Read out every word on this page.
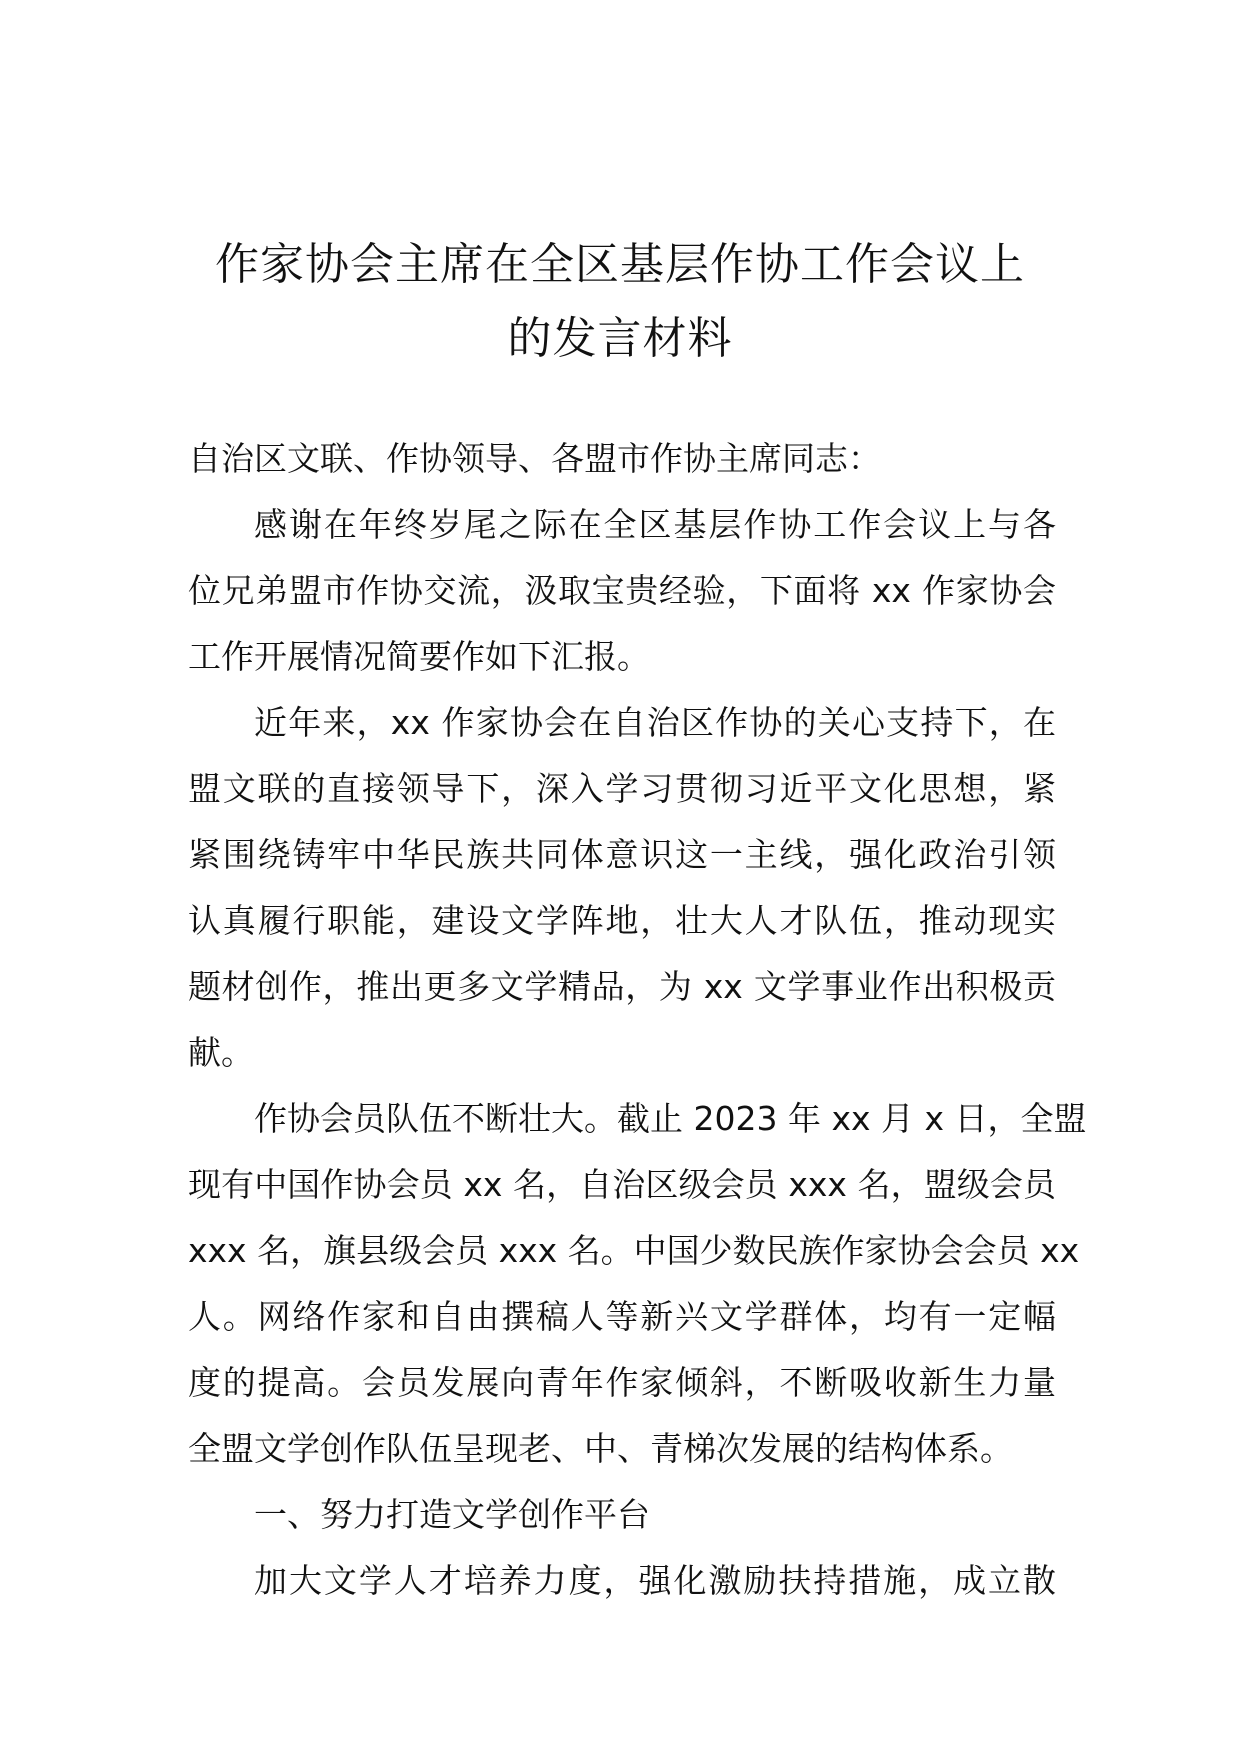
作家协会主席在全区基层作协工作会议上
的发言材料

自治区文联、作协领导、各盟市作协主席同志：

感谢在年终岁尾之际在全区基层作协工作会议上与各
位兄弟盟市作协交流，汲取宝贵经验，下面将 xx 作家协会
工作开展情况简要作如下汇报。

近年来，xx 作家协会在自治区作协的关心支持下，在
盟文联的直接领导下，深入学习贯彻习近平文化思想，紧
紧围绕铸牢中华民族共同体意识这一主线，强化政治引领
认真履行职能，建设文学阵地，壮大人才队伍，推动现实
题材创作，推出更多文学精品，为 xx 文学事业作出积极贡
献。

作协会员队伍不断壮大。截止 2023 年 xx 月 x 日，全盟
现有中国作协会员 xx 名，自治区级会员 xxx 名，盟级会员
xxx 名，旗县级会员 xxx 名。中国少数民族作家协会会员 xx
人。网络作家和自由撰稿人等新兴文学群体，均有一定幅
度的提高。会员发展向青年作家倾斜，不断吸收新生力量
全盟文学创作队伍呈现老、中、青梯次发展的结构体系。

一、努力打造文学创作平台

加大文学人才培养力度，强化激励扶持措施，成立散
